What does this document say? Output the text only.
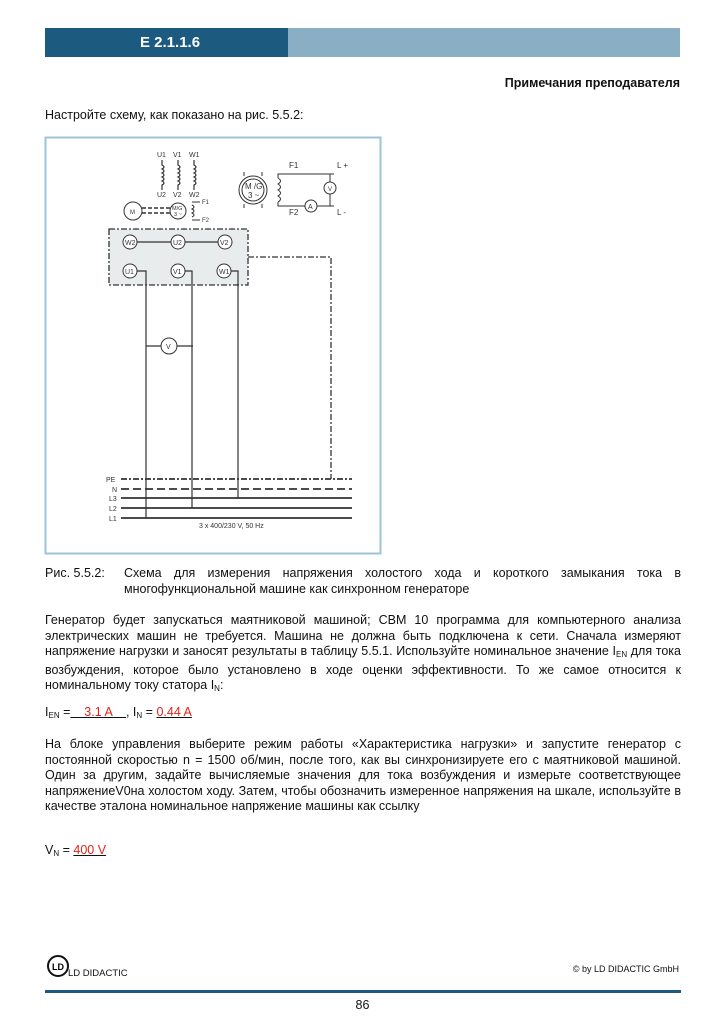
E 2.1.1.6
Примечания преподавателя
Настройте схему, как показано на рис. 5.5.2:
U1 V1 W1
U2 V2 W2
M
M/G
3 ~
F1
F2
M /G
3 ~
F1
F2
L +
L -
V
A
W2	U2	V2
U1	V1	W1
V
PE
N
L3
L2
L1
3 x 400/230 V, 50 Hz
Рис. 5.5.2: Схема для измерения напряжения холостого хода и короткого замыкания тока в многофункциональной машине как синхронном генераторе
Генератор будет запускаться маятниковой машиной; CBM 10 программа для компьютерного анализа электрических машин не требуется. Машина не должна быть подключена к сети. Сначала измеряют напряжение нагрузки и заносят результаты в таблицу 5.5.1. Используйте номинальное значение $I_{EN}$ для тока возбуждения, которое было установлено в ходе оценки эффективности. То же самое относится к номинальному току статора $I_N$:
$I_{EN}$ =    3.1 A    , $I_N = 0.44$ A
На блоке управления выберите режим работы «Характеристика нагрузки» и запустите генератор с постоянной скоростью n = 1500 об/мин, после того, как вы синхронизируете его с маятниковой машиной. Один за другим, задайте вычисляемые значения для тока возбуждения и измерьте соответствующее напряжениеV0на холостом ходу. Затем, чтобы обозначить измеренное напряжения на шкале, используйте в качестве эталона номинальное напряжение машины как ссылку
$V_N = 400$ V
LD
LD DIDACTIC	© by LD DIDACTIC GmbH
86
